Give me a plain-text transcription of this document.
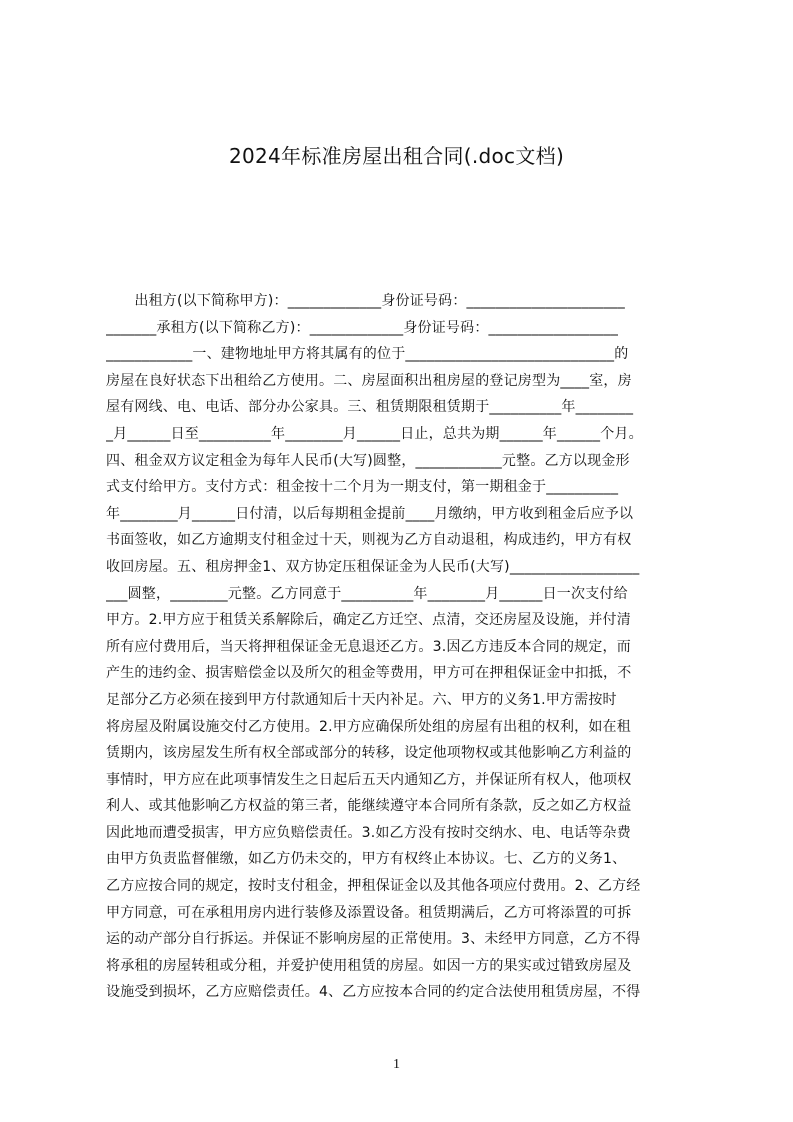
2024年标准房屋出租合同(.doc文档)
　　出租方(以下简称甲方)：_____________身份证号码：______________________
_______承租方(以下简称乙方)：_____________身份证号码：__________________
____________一、建物地址甲方将其属有的位于_____________________________的
房屋在良好状态下出租给乙方使用。二、房屋面积出租房屋的登记房型为____室，房
屋有网线、电、电话、部分办公家具。三、租赁期限租赁期于__________年________
_月______日至__________年________月______日止，总共为期______年______个月。
四、租金双方议定租金为每年人民币(大写)圆整，____________元整。乙方以现金形
式支付给甲方。支付方式：租金按十二个月为一期支付，第一期租金于__________
年________月______日付清，以后每期租金提前____月缴纳，甲方收到租金后应予以
书面签收，如乙方逾期支付租金过十天，则视为乙方自动退租，构成违约，甲方有权
收回房屋。五、租房押金1、双方协定压租保证金为人民币(大写)__________________
___圆整，________元整。乙方同意于__________年________月______日一次支付给
甲方。2.甲方应于租赁关系解除后，确定乙方迁空、点清，交还房屋及设施，并付清
所有应付费用后，当天将押租保证金无息退还乙方。3.因乙方违反本合同的规定，而
产生的违约金、损害赔偿金以及所欠的租金等费用，甲方可在押租保证金中扣抵，不
足部分乙方必须在接到甲方付款通知后十天内补足。六、甲方的义务1.甲方需按时
将房屋及附属设施交付乙方使用。2.甲方应确保所处组的房屋有出租的权利，如在租
赁期内，该房屋发生所有权全部或部分的转移，设定他项物权或其他影响乙方利益的
事情时，甲方应在此项事情发生之日起后五天内通知乙方，并保证所有权人，他项权
利人、或其他影响乙方权益的第三者，能继续遵守本合同所有条款，反之如乙方权益
因此地而遭受损害，甲方应负赔偿责任。3.如乙方没有按时交纳水、电、电话等杂费
由甲方负责监督催缴，如乙方仍未交的，甲方有权终止本协议。七、乙方的义务1、
乙方应按合同的规定，按时支付租金，押租保证金以及其他各项应付费用。2、乙方经
甲方同意，可在承租用房内进行装修及添置设备。租赁期满后，乙方可将添置的可拆
运的动产部分自行拆运。并保证不影响房屋的正常使用。3、未经甲方同意，乙方不得
将承租的房屋转租或分租，并爱护使用租赁的房屋。如因一方的果实或过错致房屋及
设施受到损坏，乙方应赔偿责任。4、乙方应按本合同的约定合法使用租赁房屋，不得
1
